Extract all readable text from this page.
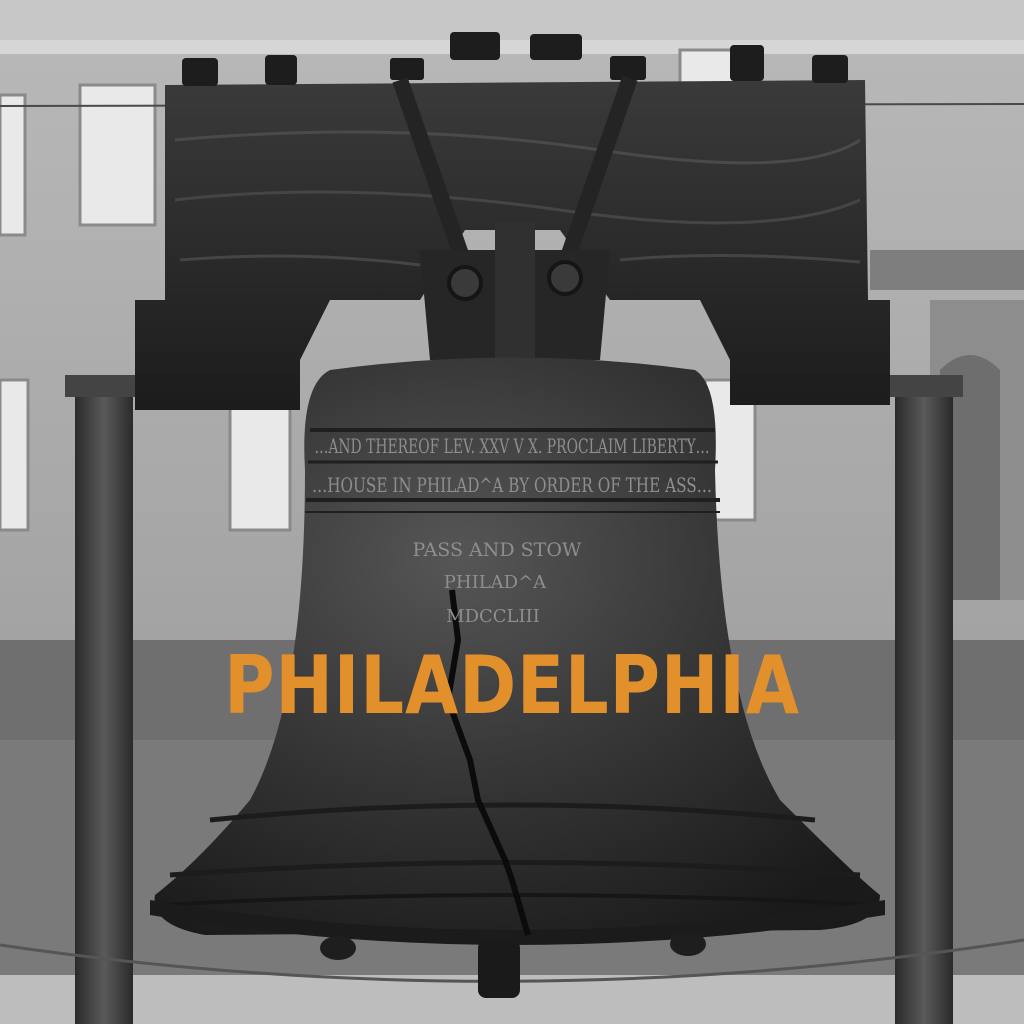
…AND THEREOF LEV. XXV V X. PROCLAIM LIBERTY…
…HOUSE IN PHILAD^A BY ORDER OF THE ASS…
PASS AND STOW
PHILAD^A
MDCCLIII
PHILADELPHIA
